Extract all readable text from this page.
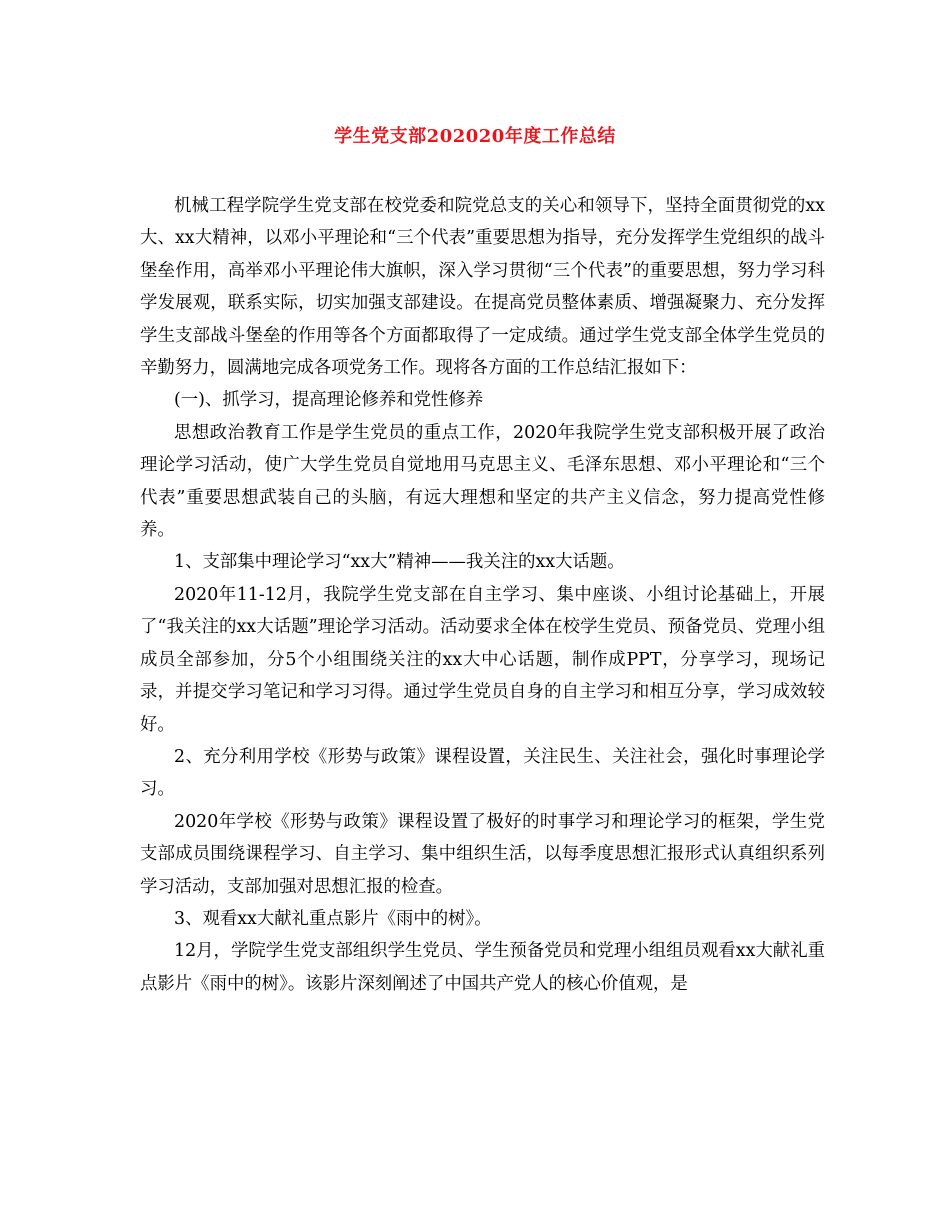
学生党支部202020年度工作总结

机械工程学院学生党支部在校党委和院党总支的关心和领导下，坚持全面贯彻党的xx大、xx大精神，以邓小平理论和“三个代表”重要思想为指导，充分发挥学生党组织的战斗堡垒作用，高举邓小平理论伟大旗帜，深入学习贯彻“三个代表”的重要思想，努力学习科学发展观，联系实际，切实加强支部建设。在提高党员整体素质、增强凝聚力、充分发挥学生支部战斗堡垒的作用等各个方面都取得了一定成绩。通过学生党支部全体学生党员的辛勤努力，圆满地完成各项党务工作。现将各方面的工作总结汇报如下：

(一)、抓学习，提高理论修养和党性修养

思想政治教育工作是学生党员的重点工作，2020年我院学生党支部积极开展了政治理论学习活动，使广大学生党员自觉地用马克思主义、毛泽东思想、邓小平理论和“三个代表”重要思想武装自己的头脑，有远大理想和坚定的共产主义信念，努力提高党性修养。

1、支部集中理论学习“xx大”精神——我关注的xx大话题。

2020年11-12月，我院学生党支部在自主学习、集中座谈、小组讨论基础上，开展了“我关注的xx大话题”理论学习活动。活动要求全体在校学生党员、预备党员、党理小组成员全部参加，分5个小组围绕关注的xx大中心话题，制作成PPT，分享学习，现场记录，并提交学习笔记和学习习得。通过学生党员自身的自主学习和相互分享，学习成效较好。

2、充分利用学校《形势与政策》课程设置，关注民生、关注社会，强化时事理论学习。

2020年学校《形势与政策》课程设置了极好的时事学习和理论学习的框架，学生党支部成员围绕课程学习、自主学习、集中组织生活，以每季度思想汇报形式认真组织系列学习活动，支部加强对思想汇报的检查。

3、观看xx大献礼重点影片《雨中的树》。

12月，学院学生党支部组织学生党员、学生预备党员和党理小组组员观看xx大献礼重点影片《雨中的树》。该影片深刻阐述了中国共产党人的核心价值观，是
